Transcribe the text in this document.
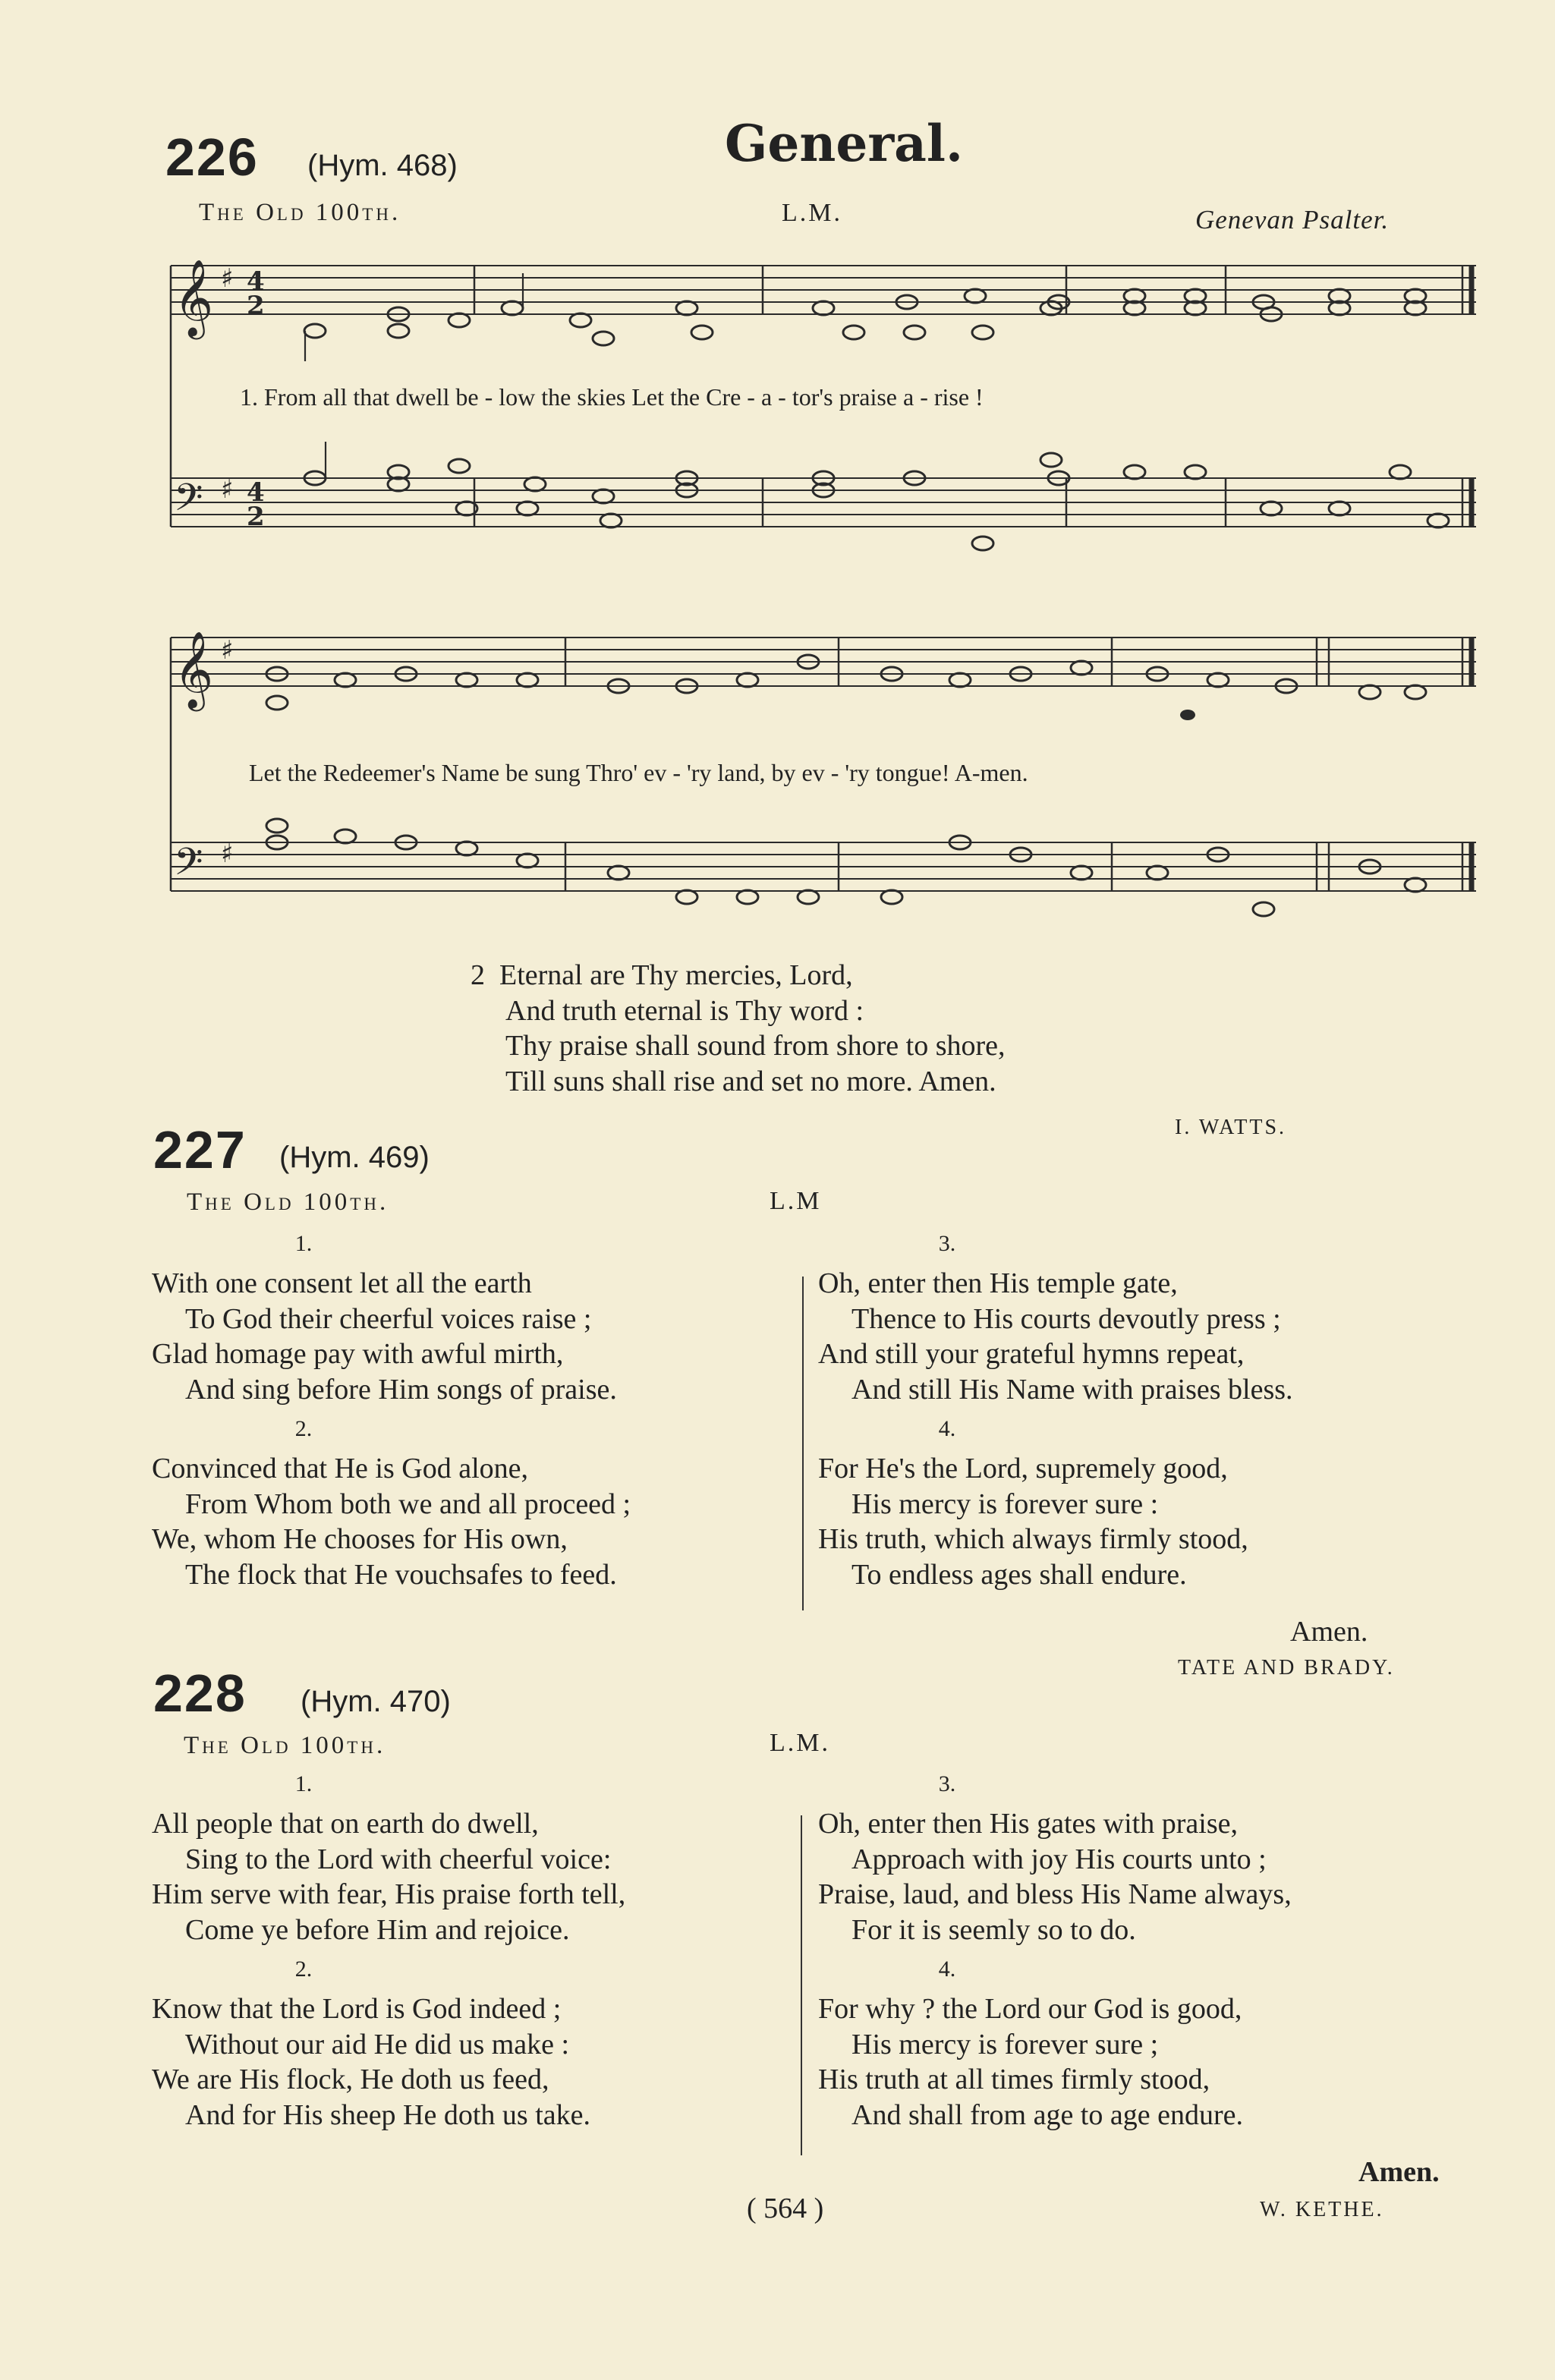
226 (Hym. 468)	General.
The Old 100th.	L.M.	Genevan Psalter.
𝄞 ♯ 4
2
𝄢 ♯ 4
2
1. From all that dwell be - low the skies Let the Cre - a - tor's praise a - rise !
𝄞 ♯
𝄢 ♯
Let the Redeemer's Name be sung Thro' ev - 'ry land, by ev - 'ry tongue! A-men.
2 Eternal are Thy mercies, Lord,
And truth eternal is Thy word :
Thy praise shall sound from shore to shore,
Till suns shall rise and set no more. Amen.
I. WATTS.
227 (Hym. 469)
The Old 100th.	L.M
1.
With one consent let all the earth
To God their cheerful voices raise ;
Glad homage pay with awful mirth,
And sing before Him songs of praise.
2.
Convinced that He is God alone,
From Whom both we and all proceed ;
We, whom He chooses for His own,
The flock that He vouchsafes to feed.
3.
Oh, enter then His temple gate,
Thence to His courts devoutly press ;
And still your grateful hymns repeat,
And still His Name with praises bless.
4.
For He's the Lord, supremely good,
His mercy is forever sure :
His truth, which always firmly stood,
To endless ages shall endure.
Amen.
TATE AND BRADY.
228 (Hym. 470)
The Old 100th.	L.M.
1.
All people that on earth do dwell,
Sing to the Lord with cheerful voice:
Him serve with fear, His praise forth tell,
Come ye before Him and rejoice.
2.
Know that the Lord is God indeed ;
Without our aid He did us make :
We are His flock, He doth us feed,
And for His sheep He doth us take.
3.
Oh, enter then His gates with praise,
Approach with joy His courts unto ;
Praise, laud, and bless His Name always,
For it is seemly so to do.
4.
For why ? the Lord our God is good,
His mercy is forever sure ;
His truth at all times firmly stood,
And shall from age to age endure.
Amen.
W. KETHE.
( 564 )
